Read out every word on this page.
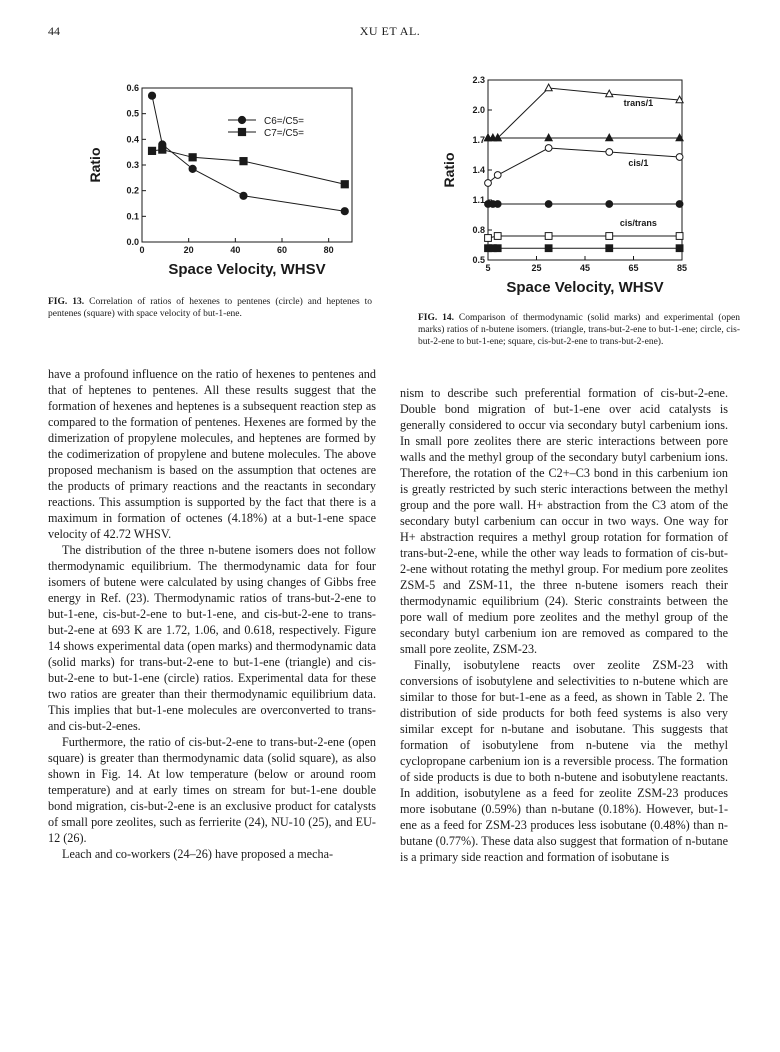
44	XU ET AL.
0.0
0.1
0.2
0.3
0.4
0.5
0.6
0	20	40	60	80
Space Velocity, WHSV
Ratio
C6=/C5=
C7=/C5=
0.5
0.8
1.1
1.4
1.7
2.0
2.3
5	25	45	65	85
Space Velocity, WHSV
Ratio
trans/1
cis/1
cis/trans
FIG. 13. Correlation of ratios of hexenes to pentenes (circle) and heptenes to pentenes (square) with space velocity of but-1-ene.	FIG. 14. Comparison of thermodynamic (solid marks) and experimental (open marks) ratios of n-butene isomers. (triangle, trans-but-2-ene to but-1-ene; circle, cis-but-2-ene to but-1-ene; square, cis-but-2-ene to trans-but-2-ene).

have a profound influence on the ratio of hexenes to pentenes and that of heptenes to pentenes. All these results suggest that the formation of hexenes and heptenes is a subsequent reaction step as compared to the formation of pentenes. Hexenes are formed by the dimerization of propylene molecules, and heptenes are formed by the codimerization of propylene and butene molecules. The above proposed mechanism is based on the assumption that octenes are the products of primary reactions and the reactants in secondary reactions. This assumption is supported by the fact that there is a maximum in formation of octenes (4.18%) at a but-1-ene space velocity of 42.72 WHSV.

The distribution of the three n-butene isomers does not follow thermodynamic equilibrium. The thermodynamic data for four isomers of butene were calculated by using changes of Gibbs free energy in Ref. (23). Thermodynamic ratios of trans-but-2-ene to but-1-ene, cis-but-2-ene to but-1-ene, and cis-but-2-ene to trans-but-2-ene at 693 K are 1.72, 1.06, and 0.618, respectively. Figure 14 shows experimental data (open marks) and thermodynamic data (solid marks) for trans-but-2-ene to but-1-ene (triangle) and cis-but-2-ene to but-1-ene (circle) ratios. Experimental data for these two ratios are greater than their thermodynamic equilibrium data. This implies that but-1-ene molecules are overconverted to trans- and cis-but-2-enes.

Furthermore, the ratio of cis-but-2-ene to trans-but-2-ene (open square) is greater than thermodynamic data (solid square), as also shown in Fig. 14. At low temperature (below or around room temperature) and at early times on stream for but-1-ene double bond migration, cis-but-2-ene is an exclusive product for catalysts of small pore zeolites, such as ferrierite (24), NU-10 (25), and EU-12 (26).

Leach and co-workers (24–26) have proposed a mecha-

nism to describe such preferential formation of cis-but-2-ene. Double bond migration of but-1-ene over acid catalysts is generally considered to occur via secondary butyl carbenium ions. In small pore zeolites there are steric interactions between pore walls and the methyl group of the secondary butyl carbenium ions. Therefore, the rotation of the C2+–C3 bond in this carbenium ion is greatly restricted by such steric interactions between the methyl group and the pore wall. H+ abstraction from the C3 atom of the secondary butyl carbenium can occur in two ways. One way for H+ abstraction requires a methyl group rotation for formation of trans-but-2-ene, while the other way leads to formation of cis-but-2-ene without rotating the methyl group. For medium pore zeolites ZSM-5 and ZSM-11, the three n-butene isomers reach their thermodynamic equilibrium (24). Steric constraints between the pore wall of medium pore zeolites and the methyl group of the secondary butyl carbenium ion are removed as compared to the small pore zeolite, ZSM-23.

Finally, isobutylene reacts over zeolite ZSM-23 with conversions of isobutylene and selectivities to n-butene which are similar to those for but-1-ene as a feed, as shown in Table 2. The distribution of side products for both feed systems is also very similar except for n-butane and isobutane. This suggests that formation of isobutylene from n-butene via the methyl cyclopropane carbenium ion is a reversible process. The formation of side products is due to both n-butene and isobutylene reactants. In addition, isobutylene as a feed for zeolite ZSM-23 produces more isobutane (0.59%) than n-butane (0.18%). However, but-1-ene as a feed for ZSM-23 produces less isobutane (0.48%) than n-butane (0.77%). These data also suggest that formation of n-butane is a primary side reaction and formation of isobutane is
